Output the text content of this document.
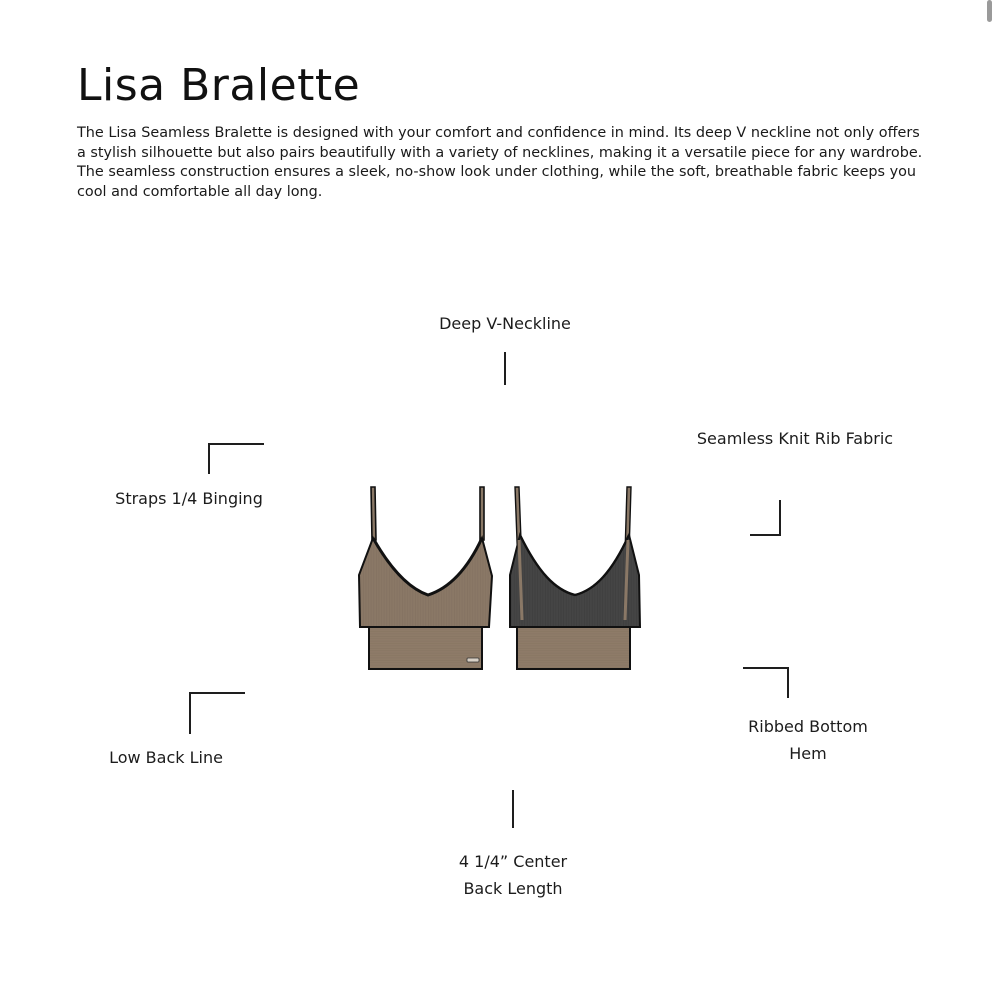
Lisa Bralette

The Lisa Seamless Bralette is designed with your comfort and confidence in mind. Its deep V neckline not only offers a stylish silhouette but also pairs beautifully with a variety of necklines, making it a versatile piece for any wardrobe. The seamless construction ensures a sleek, no-show look under clothing, while the soft, breathable fabric keeps you cool and comfortable all day long.

Deep V-Neckline
Seamless Knit Rib Fabric
Straps 1/4 Binging
Low Back Line
Ribbed Bottom
Hem
4 1/4” Center
Back Length
